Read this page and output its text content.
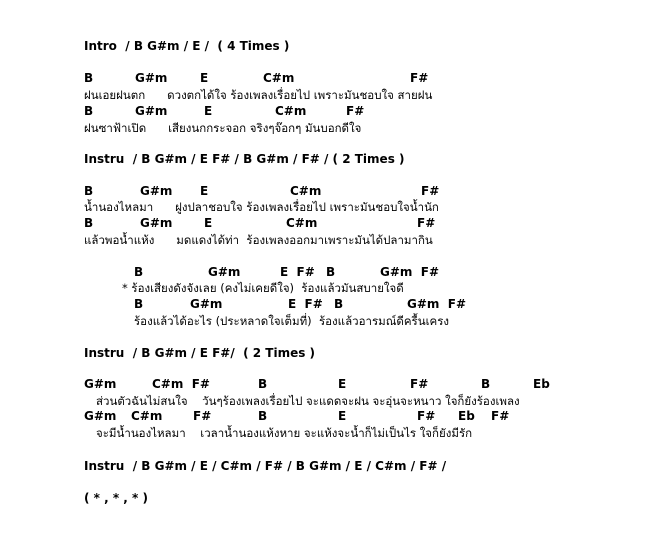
Intro  / B G#m / E /  ( 4 Times )
B	G#m	E	C#m	F#
ฝนเอยฝนตก      ดวงตกได้ใจ ร้องเพลงเรื่อยไป เพราะมันชอบใจ สายฝน
B	G#m	E	C#m	F#
ฝนซาฟ้าเปิด      เสียงนกกระจอก จริงๆจ๊อกๆ มันบอกดีใจ
Instru  / B G#m / E F# / B G#m / F# / ( 2 Times )
B	G#m E	C#m	F#
น้ำนองไหลมา      ฝูงปลาชอบใจ ร้องเพลงเรื่อยไป เพราะมันชอบใจน้ำนัก
B	G#m	E	C#m	F#
แล้วพอน้ำแห้ง      มดแดงได้ท่า  ร้องเพลงออกมาเพราะมันได้ปลามากิน
B	G#m	E  F# B	G#m  F#
* ร้องเสียงดังจังเลย (คงไม่เคยดีใจ)  ร้องแล้วมันสบายใจดี
B	G#m	E  F# B	G#m  F#
ร้องแล้วได้อะไร (ประหลาดใจเต็มที่)  ร้องแล้วอารมณ์ดีครื้นเครง
Instru  / B G#m / E F#/  ( 2 Times )
G#m	C#m  F#	B	E	F#	B	Eb
ส่วนตัวฉันไม่สนใจ    วันๆร้องเพลงเรื่อยไป จะแดดจะฝน จะอุ่นจะหนาว ใจก็ยังร้องเพลง
G#m C#m	F#	B	E	F# Eb F#
จะมีน้ำนองไหลมา    เวลาน้ำนองแห้งหาย จะแห้งจะน้ำก็ไม่เป็นไร ใจก็ยังมีรัก
Instru  / B G#m / E / C#m / F# / B G#m / E / C#m / F# /
( * , * , * )
